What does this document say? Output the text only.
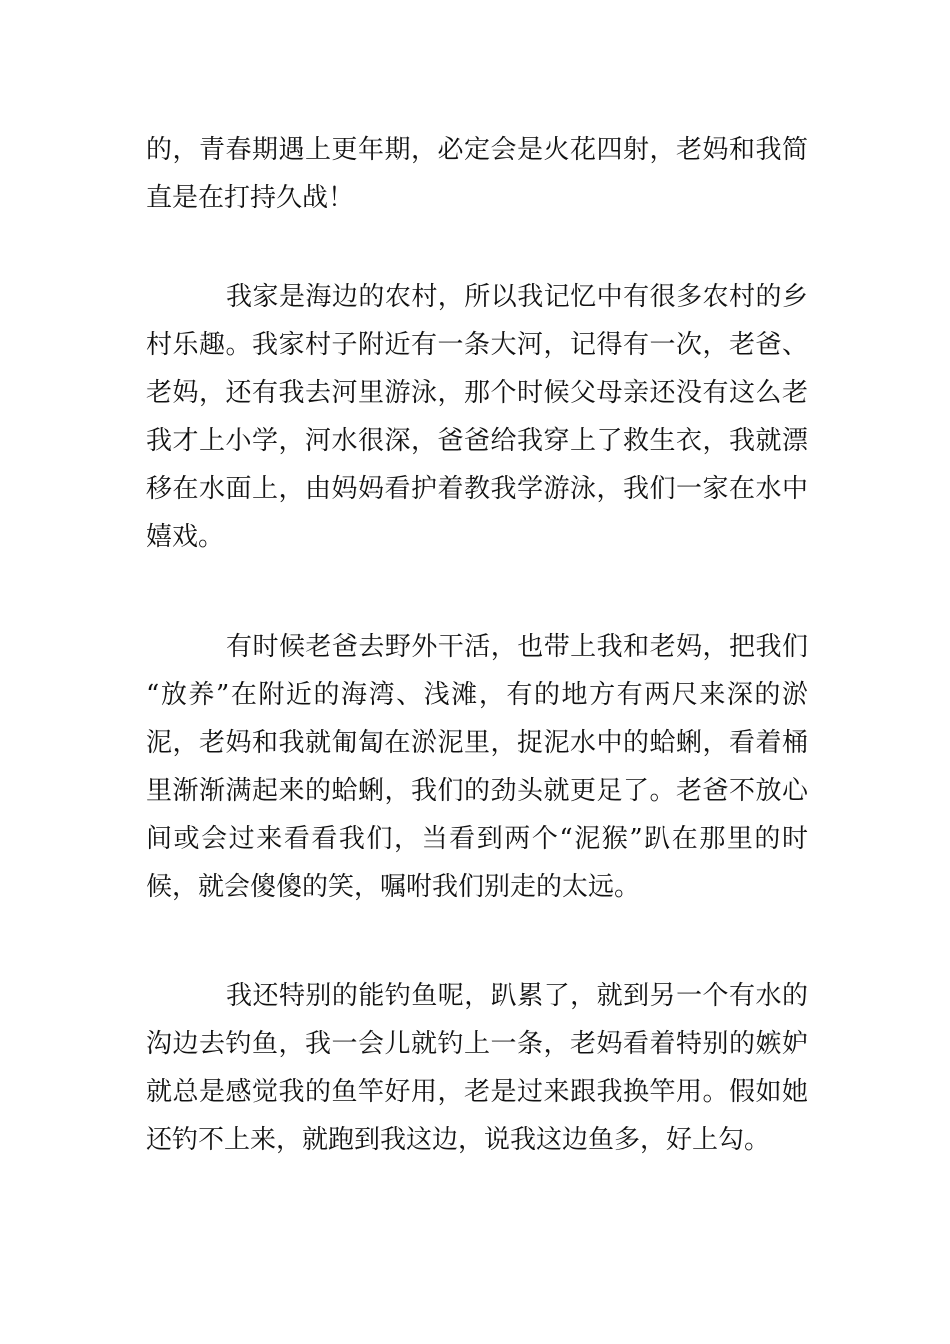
的，青春期遇上更年期，必定会是火花四射，老妈和我简
直是在打持久战！
我家是海边的农村，所以我记忆中有很多农村的乡
村乐趣。我家村子附近有一条大河，记得有一次，老爸、
老妈，还有我去河里游泳，那个时候父母亲还没有这么老
我才上小学，河水很深，爸爸给我穿上了救生衣，我就漂
移在水面上，由妈妈看护着教我学游泳，我们一家在水中
嬉戏。
有时候老爸去野外干活，也带上我和老妈，把我们
“放养”在附近的海湾、浅滩，有的地方有两尺来深的淤
泥，老妈和我就匍匐在淤泥里，捉泥水中的蛤蜊，看着桶
里渐渐满起来的蛤蜊，我们的劲头就更足了。老爸不放心
间或会过来看看我们，当看到两个“泥猴”趴在那里的时
候，就会傻傻的笑，嘱咐我们别走的太远。
我还特别的能钓鱼呢，趴累了，就到另一个有水的
沟边去钓鱼，我一会儿就钓上一条，老妈看着特别的嫉妒
就总是感觉我的鱼竿好用，老是过来跟我换竿用。假如她
还钓不上来，就跑到我这边，说我这边鱼多，好上勾。
